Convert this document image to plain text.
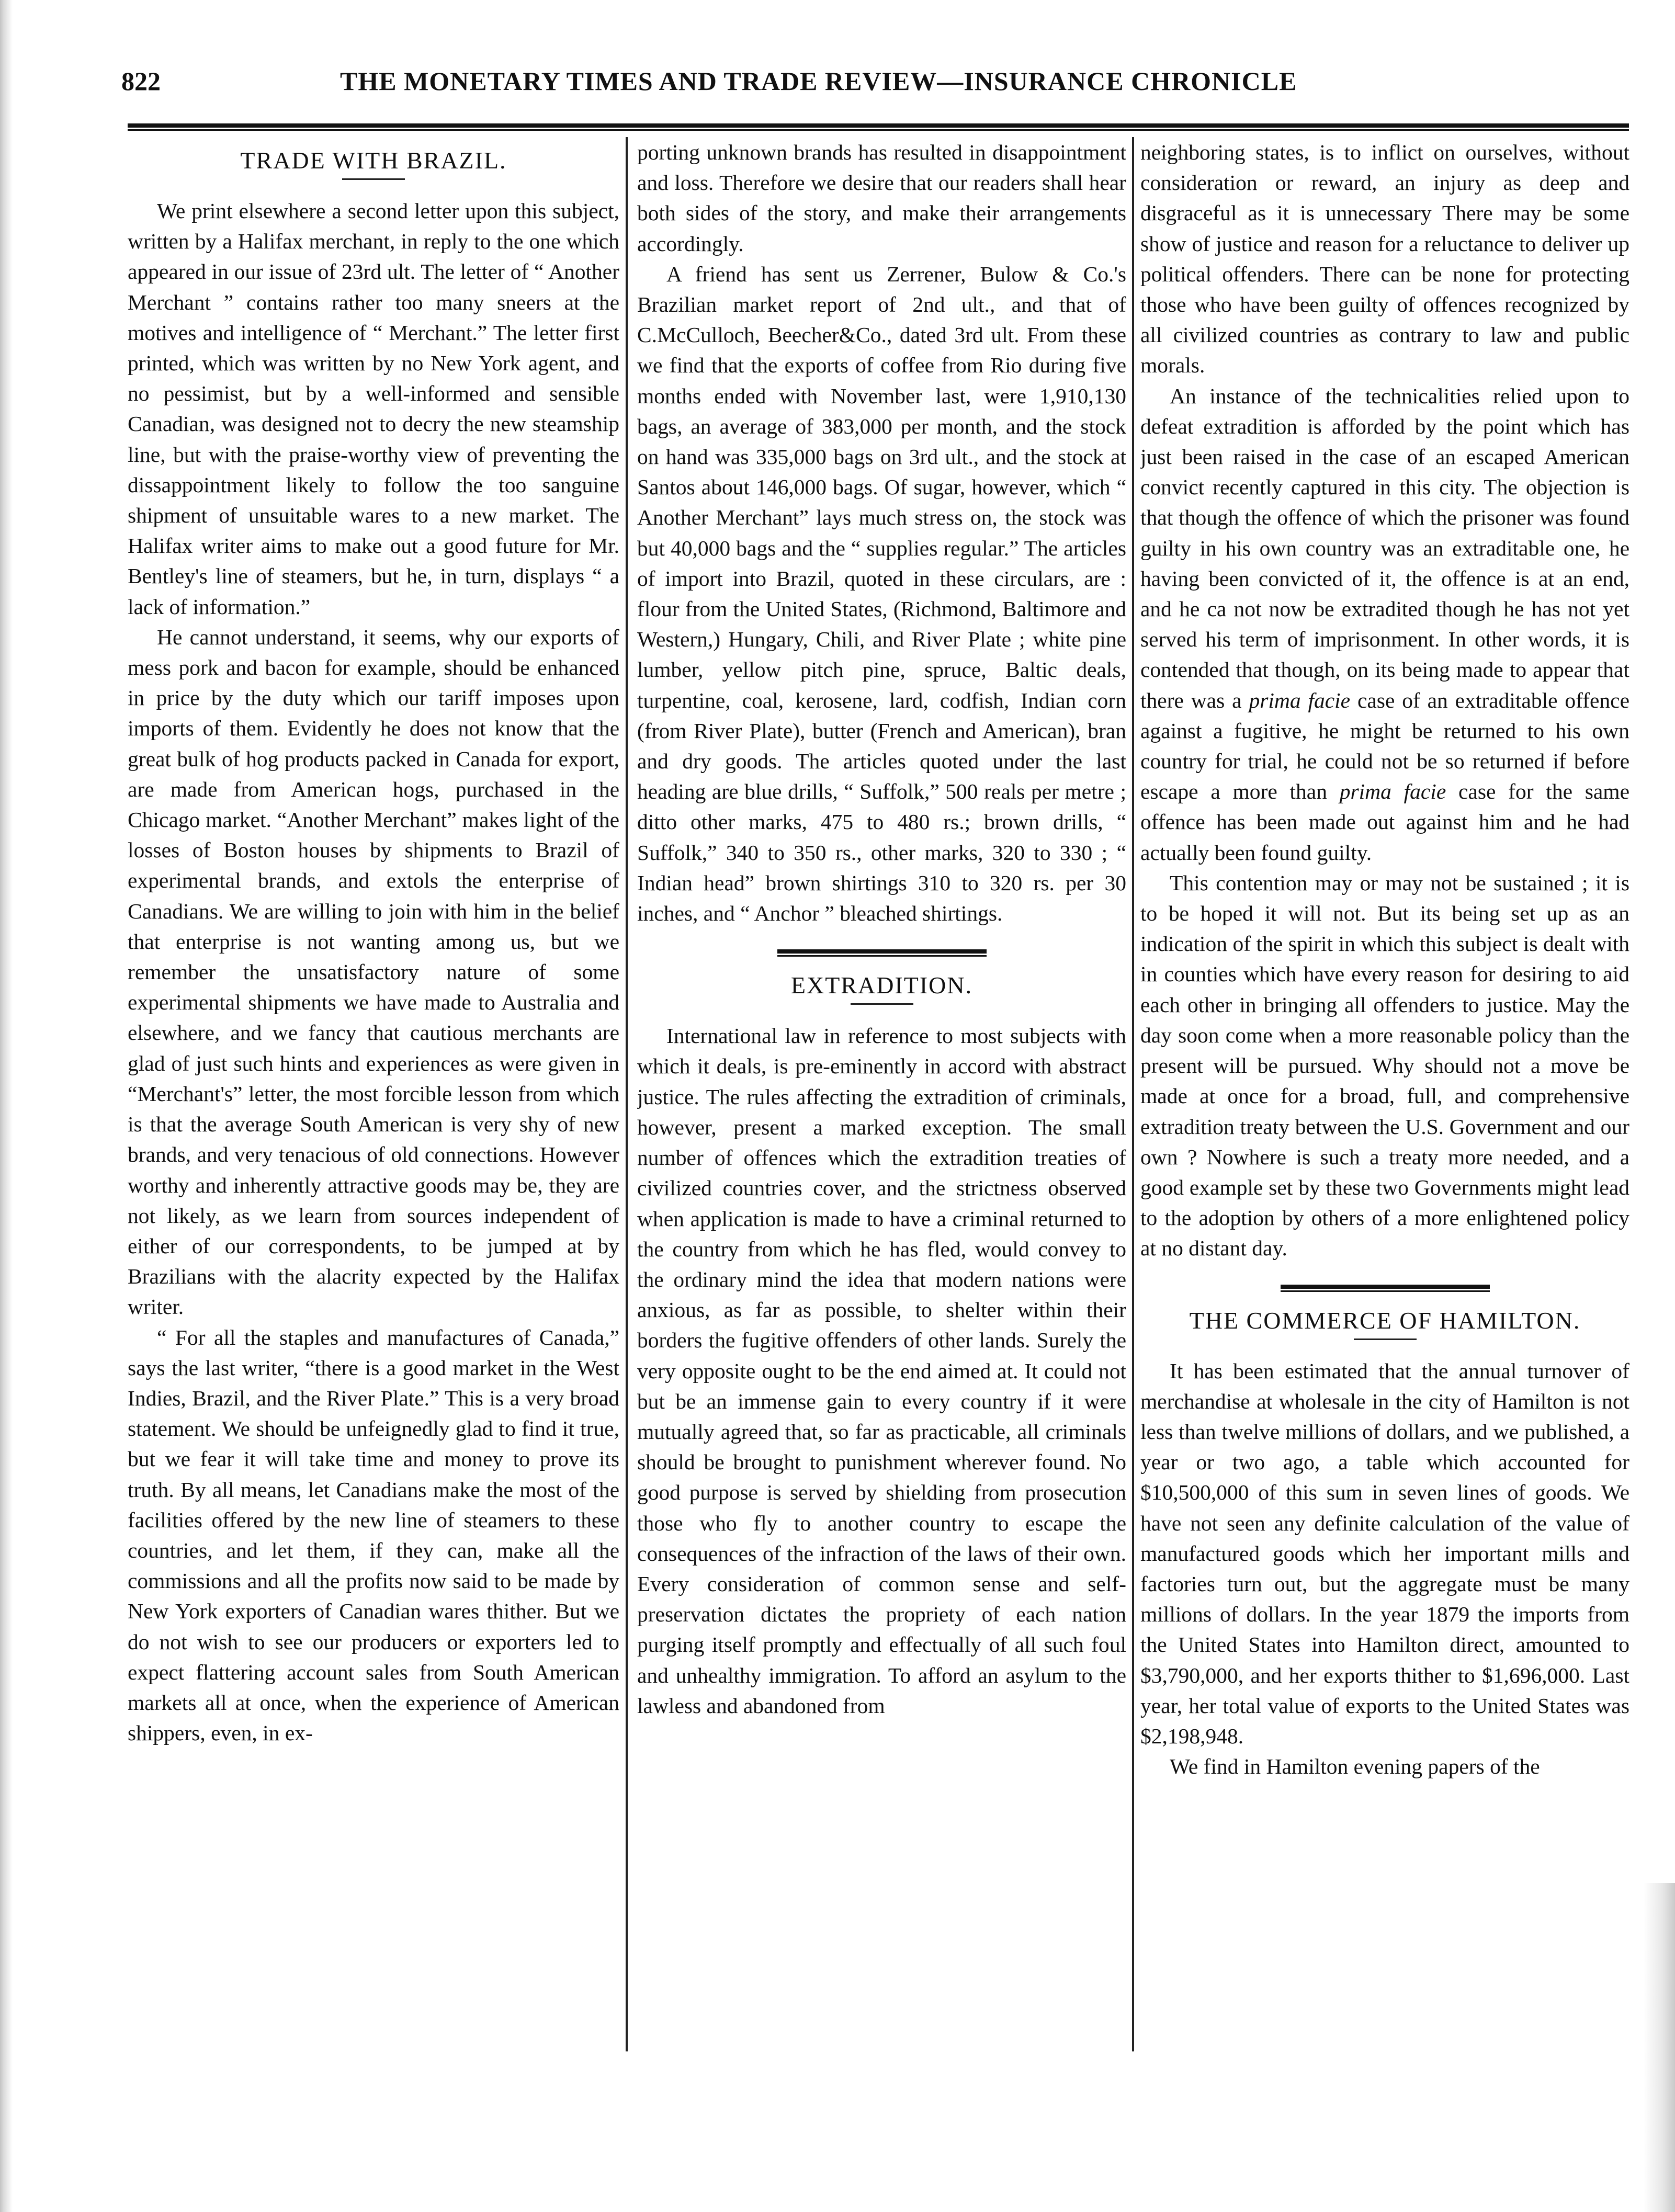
822	THE MONETARY TIMES AND TRADE REVIEW—INSURANCE CHRONICLE
TRADE WITH BRAZIL.

We print elsewhere a second letter upon this subject, written by a Halifax merchant, in reply to the one which appeared in our issue of 23rd ult. The letter of “ Another Merchant ” contains rather too many sneers at the motives and intelligence of “ Merchant.” The letter first printed, which was written by no New York agent, and no pessimist, but by a well-informed and sensible Canadian, was designed not to decry the new steamship line, but with the praise-worthy view of preventing the dissappointment likely to follow the too sanguine shipment of unsuitable wares to a new market. The Halifax writer aims to make out a good future for Mr. Bentley's line of steamers, but he, in turn, displays “ a lack of information.”

He cannot understand, it seems, why our exports of mess pork and bacon for example, should be enhanced in price by the duty which our tariff imposes upon imports of them. Evidently he does not know that the great bulk of hog products packed in Canada for export, are made from American hogs, purchased in the Chicago market. “Another Merchant” makes light of the losses of Boston houses by shipments to Brazil of experimental brands, and extols the enterprise of Canadians. We are willing to join with him in the belief that enterprise is not wanting among us, but we remember the unsatisfactory nature of some experimental shipments we have made to Australia and elsewhere, and we fancy that cautious merchants are glad of just such hints and experiences as were given in “Merchant's” letter, the most forcible lesson from which is that the average South American is very shy of new brands, and very tenacious of old connections. However worthy and inherently attractive goods may be, they are not likely, as we learn from sources independent of either of our correspondents, to be jumped at by Brazilians with the alacrity expected by the Halifax writer.

“ For all the staples and manufactures of Canada,” says the last writer, “there is a good market in the West Indies, Brazil, and the River Plate.” This is a very broad statement. We should be unfeignedly glad to find it true, but we fear it will take time and money to prove its truth. By all means, let Canadians make the most of the facilities offered by the new line of steamers to these countries, and let them, if they can, make all the commissions and all the profits now said to be made by New York exporters of Canadian wares thither. But we do not wish to see our producers or exporters led to expect flattering account sales from South American markets all at once, when the experience of American shippers, even, in ex-

porting unknown brands has resulted in disappointment and loss. Therefore we desire that our readers shall hear both sides of the story, and make their arrangements accordingly.

A friend has sent us Zerrener, Bulow & Co.'s Brazilian market report of 2nd ult., and that of C.McCulloch, Beecher&Co., dated 3rd ult. From these we find that the exports of coffee from Rio during five months ended with November last, were 1,910,130 bags, an average of 383,000 per month, and the stock on hand was 335,000 bags on 3rd ult., and the stock at Santos about 146,000 bags. Of sugar, however, which “ Another Merchant” lays much stress on, the stock was but 40,000 bags and the “ supplies regular.” The articles of import into Brazil, quoted in these circulars, are : flour from the United States, (Richmond, Baltimore and Western,) Hungary, Chili, and River Plate ; white pine lumber, yellow pitch pine, spruce, Baltic deals, turpentine, coal, kerosene, lard, codfish, Indian corn (from River Plate), butter (French and American), bran and dry goods. The articles quoted under the last heading are blue drills, “ Suffolk,” 500 reals per metre ; ditto other marks, 475 to 480 rs.; brown drills, “ Suffolk,” 340 to 350 rs., other marks, 320 to 330 ; “ Indian head” brown shirtings 310 to 320 rs. per 30 inches, and “ Anchor ” bleached shirtings.

EXTRADITION.

International law in reference to most subjects with which it deals, is pre-eminently in accord with abstract justice. The rules affecting the extradition of criminals, however, present a marked exception. The small number of offences which the extradition treaties of civilized countries cover, and the strictness observed when application is made to have a criminal returned to the country from which he has fled, would convey to the ordinary mind the idea that modern nations were anxious, as far as possible, to shelter within their borders the fugitive offenders of other lands. Surely the very opposite ought to be the end aimed at. It could not but be an immense gain to every country if it were mutually agreed that, so far as practicable, all criminals should be brought to punishment wherever found. No good purpose is served by shielding from prosecution those who fly to another country to escape the consequences of the infraction of the laws of their own. Every consideration of common sense and self-preservation dictates the propriety of each nation purging itself promptly and effectually of all such foul and unhealthy immigration. To afford an asylum to the lawless and abandoned from

neighboring states, is to inflict on ourselves, without consideration or reward, an injury as deep and disgraceful as it is unnecessary There may be some show of justice and reason for a reluctance to deliver up political offenders. There can be none for protecting those who have been guilty of offences recognized by all civilized countries as contrary to law and public morals.

An instance of the technicalities relied upon to defeat extradition is afforded by the point which has just been raised in the case of an escaped American convict recently captured in this city. The objection is that though the offence of which the prisoner was found guilty in his own country was an extraditable one, he having been convicted of it, the offence is at an end, and he ca not now be extradited though he has not yet served his term of imprisonment. In other words, it is contended that though, on its being made to appear that there was a prima facie case of an extraditable offence against a fugitive, he might be returned to his own country for trial, he could not be so returned if before escape a more than prima facie case for the same offence has been made out against him and he had actually been found guilty.

This contention may or may not be sustained ; it is to be hoped it will not. But its being set up as an indication of the spirit in which this subject is dealt with in counties which have every reason for desiring to aid each other in bringing all offenders to justice. May the day soon come when a more reasonable policy than the present will be pursued. Why should not a move be made at once for a broad, full, and comprehensive extradition treaty between the U.S. Government and our own ? Nowhere is such a treaty more needed, and a good example set by these two Governments might lead to the adoption by others of a more enlightened policy at no distant day.

THE COMMERCE OF HAMILTON.

It has been estimated that the annual turnover of merchandise at wholesale in the city of Hamilton is not less than twelve millions of dollars, and we published, a year or two ago, a table which accounted for $10,500,000 of this sum in seven lines of goods. We have not seen any definite calculation of the value of manufactured goods which her important mills and factories turn out, but the aggregate must be many millions of dollars. In the year 1879 the imports from the United States into Hamilton direct, amounted to $3,790,000, and her exports thither to $1,696,000. Last year, her total value of exports to the United States was $2,198,948.

We find in Hamilton evening papers of the
